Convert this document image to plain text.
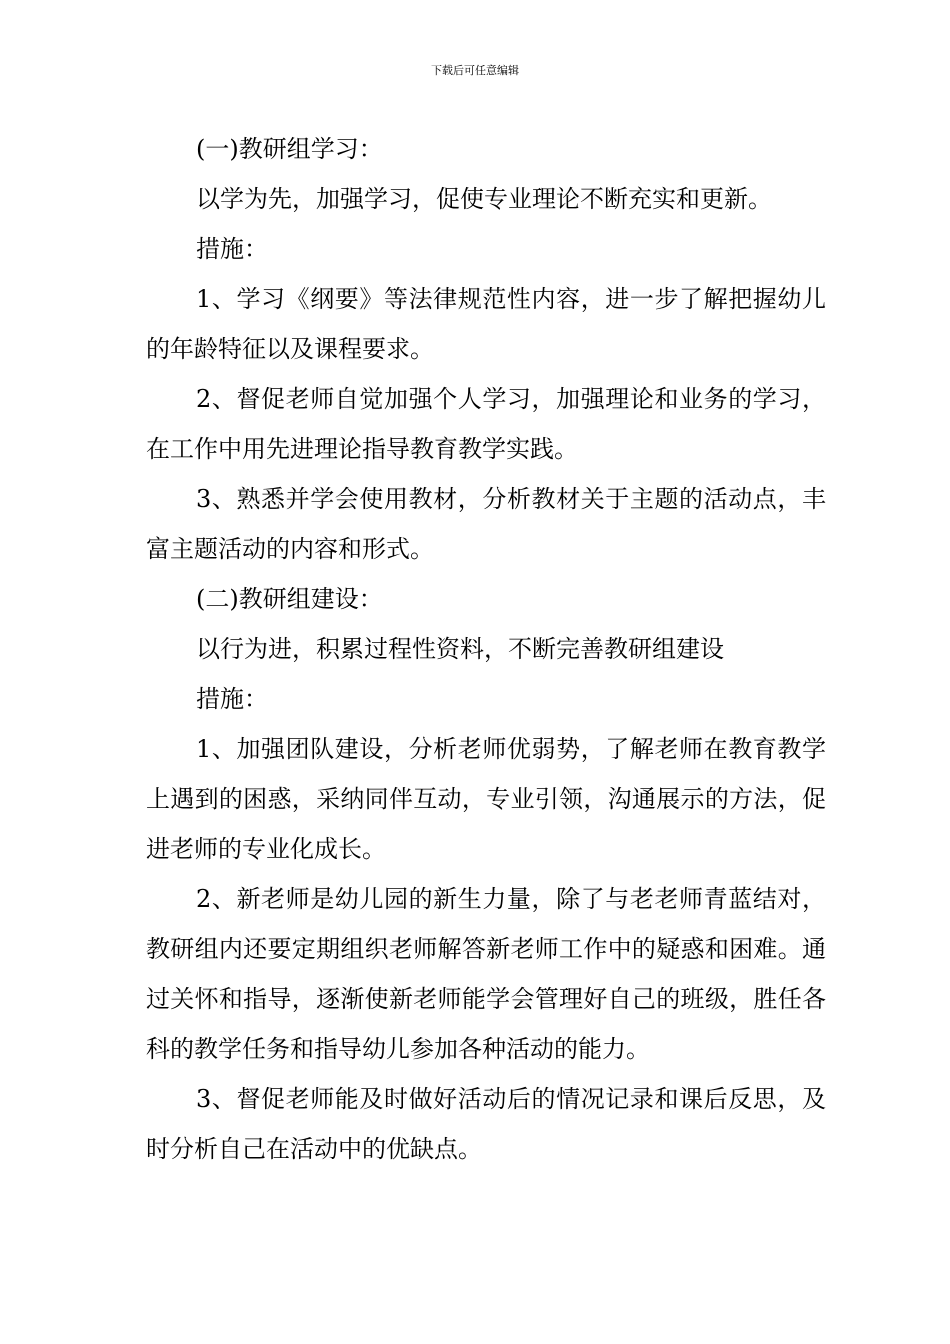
下载后可任意编辑

(一)教研组学习：

以学为先，加强学习，促使专业理论不断充实和更新。

措施：

1、学习《纲要》等法律规范性内容，进一步了解把握幼儿的年龄特征以及课程要求。

2、督促老师自觉加强个人学习，加强理论和业务的学习，在工作中用先进理论指导教育教学实践。

3、熟悉并学会使用教材，分析教材关于主题的活动点，丰富主题活动的内容和形式。

(二)教研组建设：

以行为进，积累过程性资料，不断完善教研组建设

措施：

1、加强团队建设，分析老师优弱势，了解老师在教育教学上遇到的困惑，采纳同伴互动，专业引领，沟通展示的方法，促进老师的专业化成长。

2、新老师是幼儿园的新生力量，除了与老老师青蓝结对，教研组内还要定期组织老师解答新老师工作中的疑惑和困难。通过关怀和指导，逐渐使新老师能学会管理好自己的班级，胜任各科的教学任务和指导幼儿参加各种活动的能力。

3、督促老师能及时做好活动后的情况记录和课后反思，及时分析自己在活动中的优缺点。
